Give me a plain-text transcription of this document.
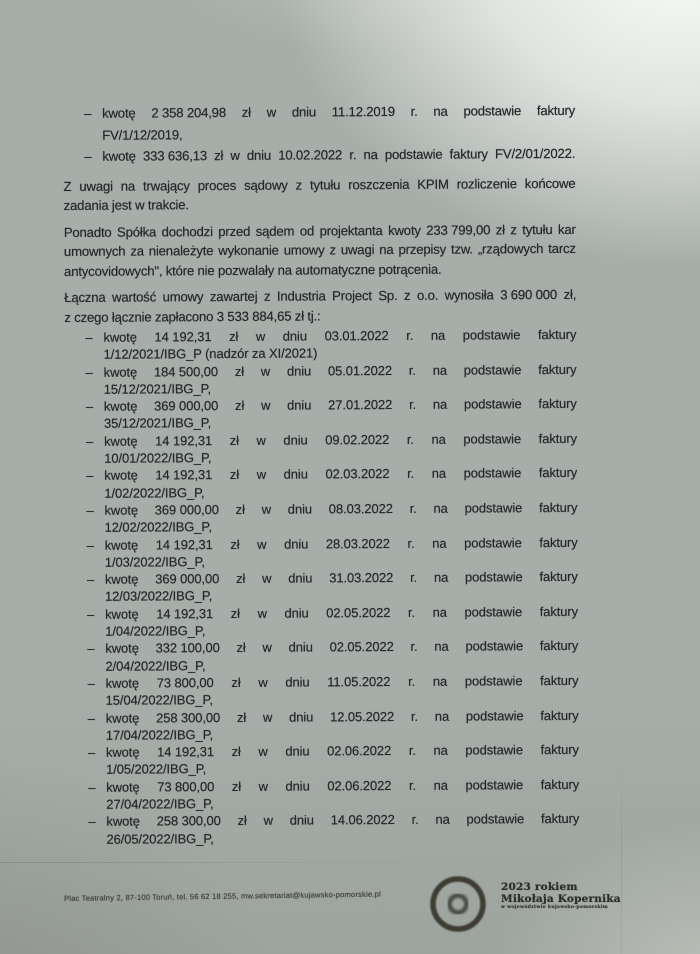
– kwotę 2 358 204,98 zł w dniu 11.12.2019 r. na podstawie faktury
FV/1/12/2019,
– kwotę 333 636,13 zł w dniu 10.02.2022 r. na podstawie faktury FV/2/01/2022.
Z uwagi na trwający proces sądowy z tytułu roszczenia KPIM rozliczenie końcowe
zadania jest w trakcie.
Ponadto Spółka dochodzi przed sądem od projektanta kwoty 233 799,00 zł z tytułu kar
umownych za nienależyte wykonanie umowy z uwagi na przepisy tzw. „rządowych tarcz
antycovidowych", które nie pozwalały na automatyczne potrącenia.
Łączna wartość umowy zawartej z Industria Project Sp. z o.o. wynosiła 3 690 000 zł,
z czego łącznie zapłacono 3 533 884,65 zł tj.:
– kwotę 14 192,31 zł w dniu 03.01.2022 r. na podstawie faktury
1/12/2021/IBG_P (nadzór za XI/2021)
– kwotę 184 500,00 zł w dniu 05.01.2022 r. na podstawie faktury
15/12/2021/IBG_P,
– kwotę 369 000,00 zł w dniu 27.01.2022 r. na podstawie faktury
35/12/2021/IBG_P,
– kwotę 14 192,31 zł w dniu 09.02.2022 r. na podstawie faktury
10/01/2022/IBG_P,
– kwotę 14 192,31 zł w dniu 02.03.2022 r. na podstawie faktury
1/02/2022/IBG_P,
– kwotę 369 000,00 zł w dniu 08.03.2022 r. na podstawie faktury
12/02/2022/IBG_P,
– kwotę 14 192,31 zł w dniu 28.03.2022 r. na podstawie faktury
1/03/2022/IBG_P,
– kwotę 369 000,00 zł w dniu 31.03.2022 r. na podstawie faktury
12/03/2022/IBG_P,
– kwotę 14 192,31 zł w dniu 02.05.2022 r. na podstawie faktury
1/04/2022/IBG_P,
– kwotę 332 100,00 zł w dniu 02.05.2022 r. na podstawie faktury
2/04/2022/IBG_P,
– kwotę 73 800,00 zł w dniu 11.05.2022 r. na podstawie faktury
15/04/2022/IBG_P,
– kwotę 258 300,00 zł w dniu 12.05.2022 r. na podstawie faktury
17/04/2022/IBG_P,
– kwotę 14 192,31 zł w dniu 02.06.2022 r. na podstawie faktury
1/05/2022/IBG_P,
– kwotę 73 800,00 zł w dniu 02.06.2022 r. na podstawie faktury
27/04/2022/IBG_P,
– kwotę 258 300,00 zł w dniu 14.06.2022 r. na podstawie faktury
26/05/2022/IBG_P,
Plac Teatralny 2, 87-100 Toruń, tel. 56 62 18 255, mw.sekretariat@kujawsko-pomorskie.pl
2023 rokiem
Mikołaja Kopernika
w województwie kujawsko-pomorskim
